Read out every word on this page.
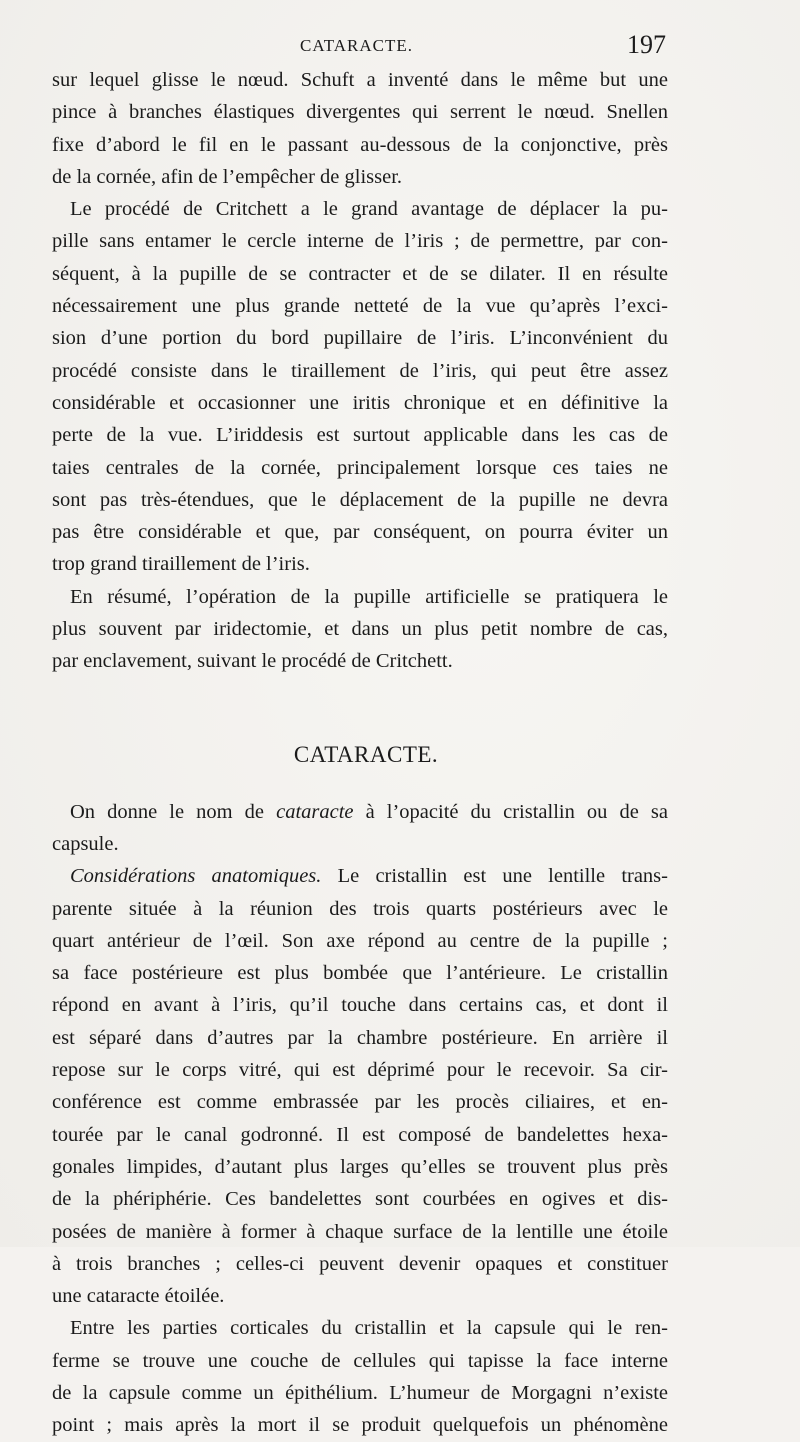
CATARACTE.	197
sur lequel glisse le nœud. Schuft a inventé dans le même but une
pince à branches élastiques divergentes qui serrent le nœud. Snellen
fixe d’abord le fil en le passant au-dessous de la conjonctive, près
de la cornée, afin de l’empêcher de glisser.
Le procédé de Critchett a le grand avantage de déplacer la pu-
pille sans entamer le cercle interne de l’iris ; de permettre, par con-
séquent, à la pupille de se contracter et de se dilater. Il en résulte
nécessairement une plus grande netteté de la vue qu’après l’exci-
sion d’une portion du bord pupillaire de l’iris. L’inconvénient du
procédé consiste dans le tiraillement de l’iris, qui peut être assez
considérable et occasionner une iritis chronique et en définitive la
perte de la vue. L’iriddesis est surtout applicable dans les cas de
taies centrales de la cornée, principalement lorsque ces taies ne
sont pas très-étendues, que le déplacement de la pupille ne devra
pas être considérable et que, par conséquent, on pourra éviter un
trop grand tiraillement de l’iris.
En résumé, l’opération de la pupille artificielle se pratiquera le
plus souvent par iridectomie, et dans un plus petit nombre de cas,
par enclavement, suivant le procédé de Critchett.
CATARACTE.
On donne le nom de cataracte à l’opacité du cristallin ou de sa
capsule.
Considérations anatomiques. Le cristallin est une lentille trans-
parente située à la réunion des trois quarts postérieurs avec le
quart antérieur de l’œil. Son axe répond au centre de la pupille ;
sa face postérieure est plus bombée que l’antérieure. Le cristallin
répond en avant à l’iris, qu’il touche dans certains cas, et dont il
est séparé dans d’autres par la chambre postérieure. En arrière il
repose sur le corps vitré, qui est déprimé pour le recevoir. Sa cir-
conférence est comme embrassée par les procès ciliaires, et en-
tourée par le canal godronné. Il est composé de bandelettes hexa-
gonales limpides, d’autant plus larges qu’elles se trouvent plus près
de la phériphérie. Ces bandelettes sont courbées en ogives et dis-
posées de manière à former à chaque surface de la lentille une étoile
à trois branches ; celles-ci peuvent devenir opaques et constituer
une cataracte étoilée.
Entre les parties corticales du cristallin et la capsule qui le ren-
ferme se trouve une couche de cellules qui tapisse la face interne
de la capsule comme un épithélium. L’humeur de Morgagni n’existe
point ; mais après la mort il se produit quelquefois un phénomène
